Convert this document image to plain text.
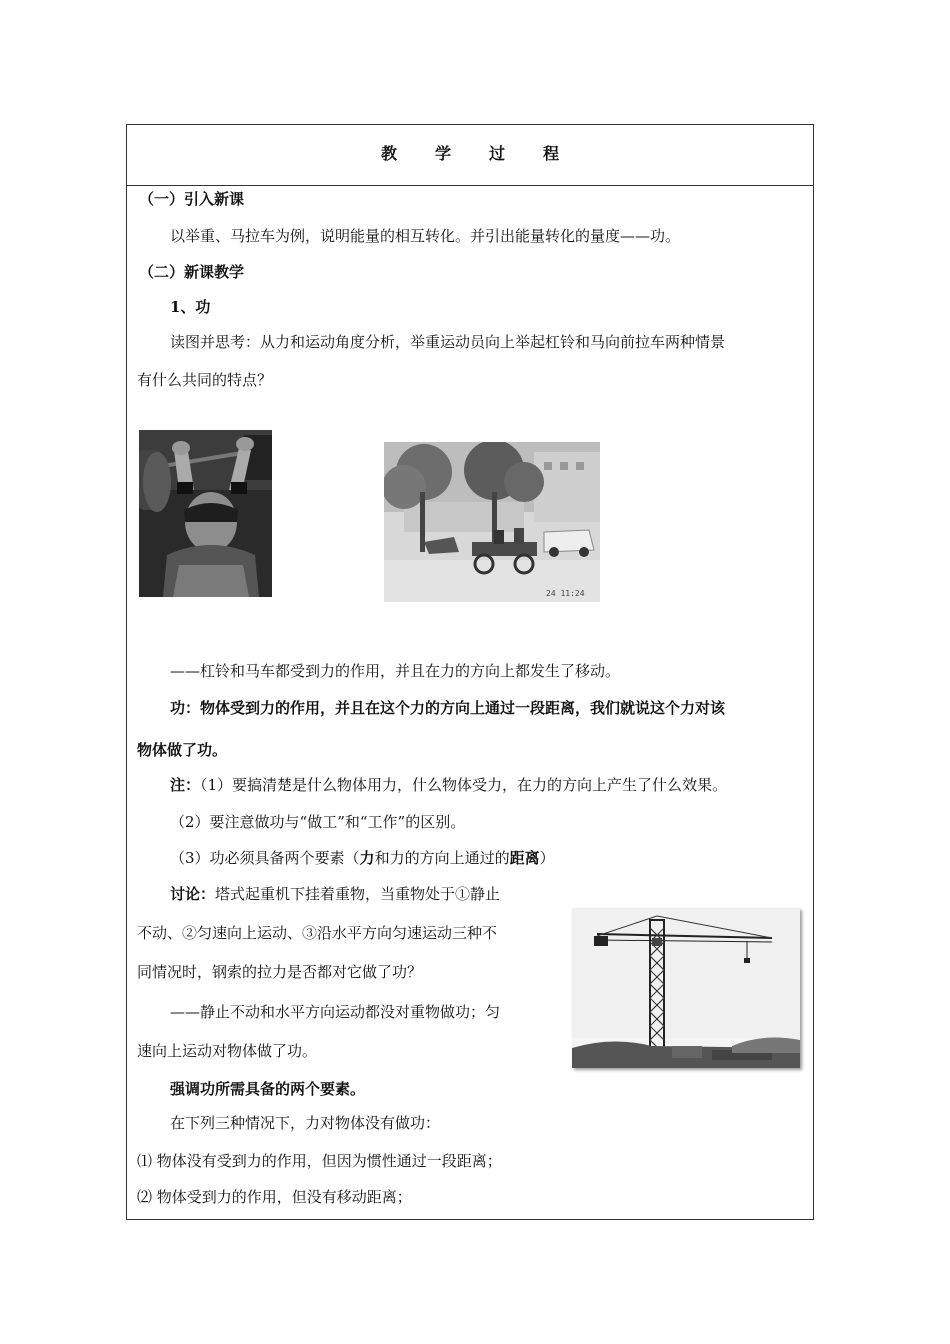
教学过程
（一）引入新课
以举重、马拉车为例，说明能量的相互转化。并引出能量转化的量度——功。
（二）新课教学
1、功
读图并思考：从力和运动角度分析，举重运动员向上举起杠铃和马向前拉车两种情景
有什么共同的特点？
24 11:24
——杠铃和马车都受到力的作用，并且在力的方向上都发生了移动。
功：物体受到力的作用，并且在这个力的方向上通过一段距离，我们就说这个力对该
物体做了功。
注：（1）要搞清楚是什么物体用力，什么物体受力，在力的方向上产生了什么效果。
（2）要注意做功与“做工”和“工作”的区别。
（3）功必须具备两个要素（力和力的方向上通过的距离）
讨论：塔式起重机下挂着重物，当重物处于①静止
不动、②匀速向上运动、③沿水平方向匀速运动三种不
同情况时，钢索的拉力是否都对它做了功？
——静止不动和水平方向运动都没对重物做功；匀
速向上运动对物体做了功。
强调功所需具备的两个要素。
在下列三种情况下，力对物体没有做功：
⑴ 物体没有受到力的作用，但因为惯性通过一段距离；
⑵ 物体受到力的作用，但没有移动距离；
